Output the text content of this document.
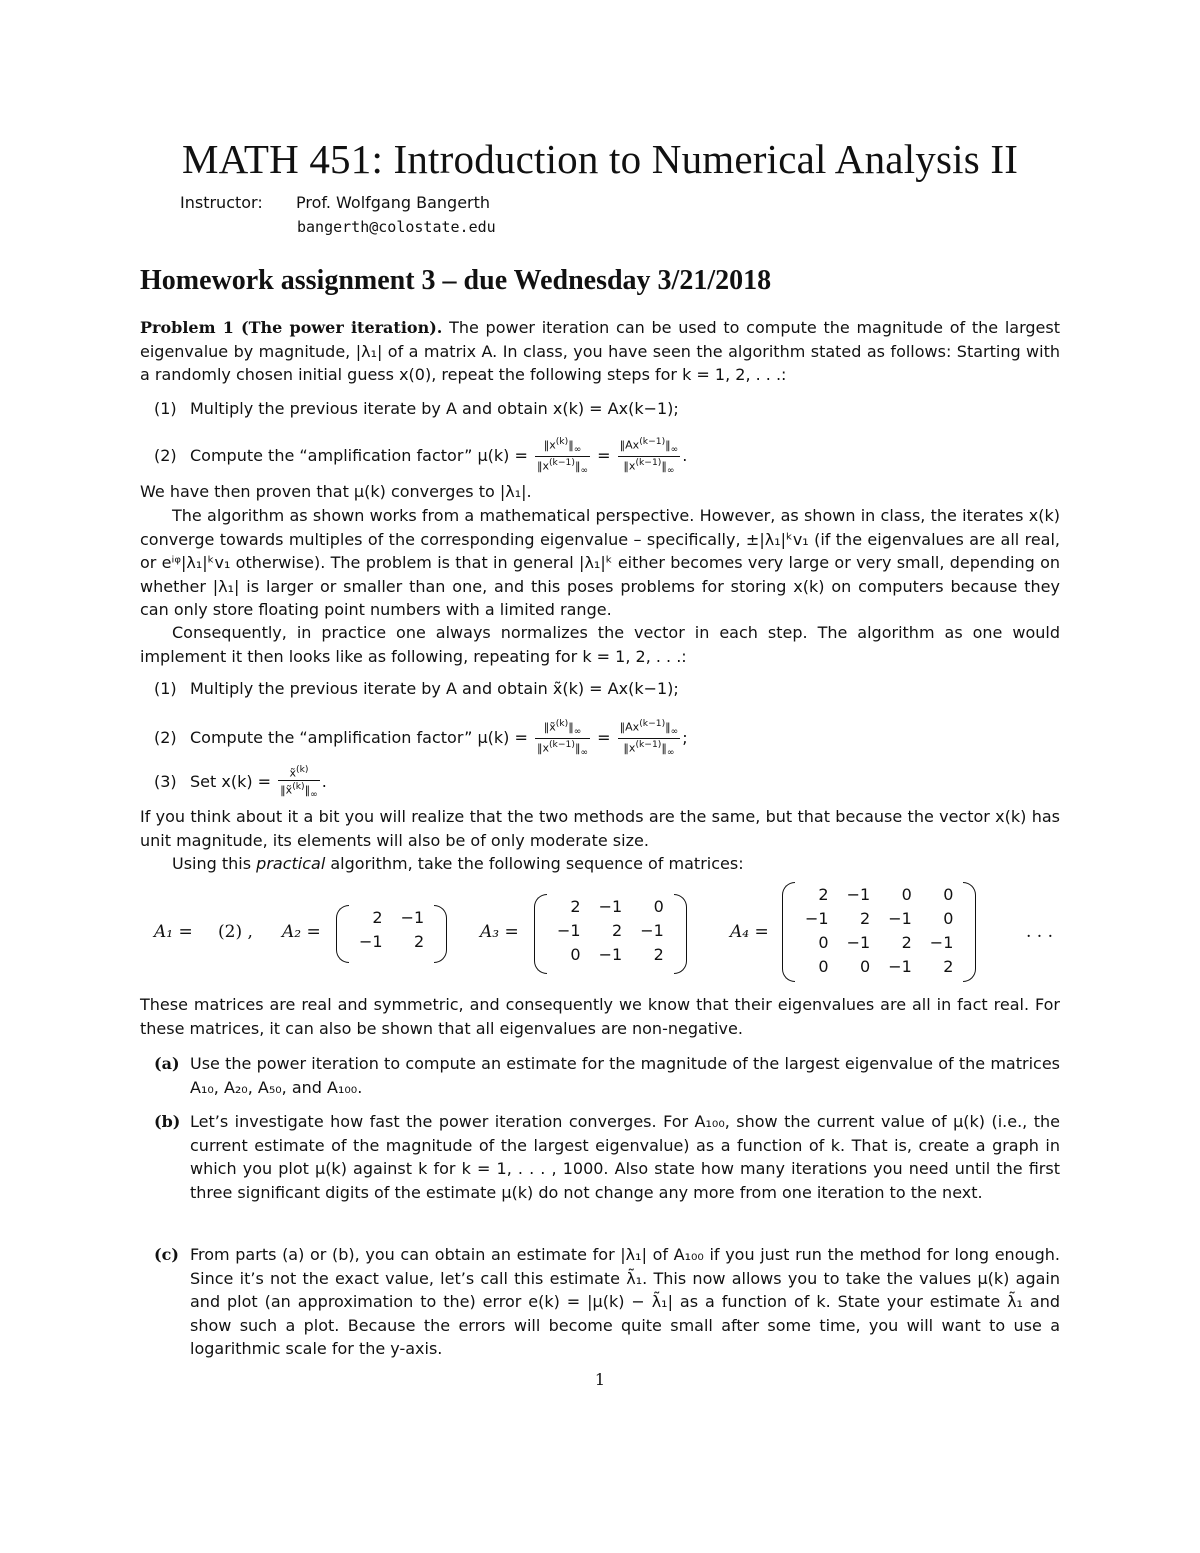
MATH 451: Introduction to Numerical Analysis II
Instructor: Prof. Wolfgang Bangerth
bangerth@colostate.edu
Homework assignment 3 – due Wednesday 3/21/2018
Problem 1 (The power iteration). The power iteration can be used to compute the magnitude of the largest eigenvalue by magnitude, |λ₁| of a matrix A. In class, you have seen the algorithm stated as follows: Starting with a randomly chosen initial guess x(0), repeat the following steps for k = 1, 2, . . .:
(1) Multiply the previous iterate by A and obtain x(k) = Ax(k−1);
(2) Compute the “amplification factor” $\mu(k) = \frac{‖x^{(k)}‖_\infty}{‖x^{(k-1)}‖_\infty} = \frac{‖Ax^{(k-1)}‖_\infty}{‖x^{(k-1)}‖_\infty}$ .
We have then proven that μ(k) converges to |λ₁|.
The algorithm as shown works from a mathematical perspective. However, as shown in class, the iterates x(k) converge towards multiples of the corresponding eigenvalue – specifically, ±|λ₁|ᵏv₁ (if the eigenvalues are all real, or eⁱᵠ|λ₁|ᵏv₁ otherwise). The problem is that in general |λ₁|ᵏ either becomes very large or very small, depending on whether |λ₁| is larger or smaller than one, and this poses problems for storing x(k) on computers because they can only store floating point numbers with a limited range.
Consequently, in practice one always normalizes the vector in each step. The algorithm as one would implement it then looks like as following, repeating for k = 1, 2, . . .:
(1) Multiply the previous iterate by A and obtain x̃(k) = Ax(k−1);
(2) Compute the “amplification factor” $\mu(k) = \frac{‖x̃^{(k)}‖_\infty}{‖x^{(k-1)}‖_\infty} = \frac{‖Ax^{(k-1)}‖_\infty}{‖x^{(k-1)}‖_\infty}$ ;
(3) Set $x(k) = \frac{x̃^{(k)}}{‖x̃^{(k)}‖_\infty}$ .
If you think about it a bit you will realize that the two methods are the same, but that because the vector x(k) has unit magnitude, its elements will also be of only moderate size.
Using this practical algorithm, take the following sequence of matrices:
A₁ = (2) , A₂ =
2	−1
−1	2	A₃ =
2	−1	0
−1	2	−1
0	−1	2
A₄ =
2	−1	0	0
−1	2	−1	0
0	−1	2	−1
0	0	−1	2
. . .
These matrices are real and symmetric, and consequently we know that their eigenvalues are all in fact real. For these matrices, it can also be shown that all eigenvalues are non-negative.
(a) Use the power iteration to compute an estimate for the magnitude of the largest eigenvalue of the matrices A₁₀, A₂₀, A₅₀, and A₁₀₀.
(b) Let’s investigate how fast the power iteration converges. For A₁₀₀, show the current value of μ(k) (i.e., the current estimate of the magnitude of the largest eigenvalue) as a function of k. That is, create a graph in which you plot μ(k) against k for k = 1, . . . , 1000. Also state how many iterations you need until the first three significant digits of the estimate μ(k) do not change any more from one iteration to the next.
(c) From parts (a) or (b), you can obtain an estimate for |λ₁| of A₁₀₀ if you just run the method for long enough. Since it’s not the exact value, let’s call this estimate λ̃₁. This now allows you to take the values μ(k) again and plot (an approximation to the) error e(k) = |μ(k) − λ̃₁| as a function of k. State your estimate λ̃₁ and show such a plot. Because the errors will become quite small after some time, you will want to use a logarithmic scale for the y-axis.
1
